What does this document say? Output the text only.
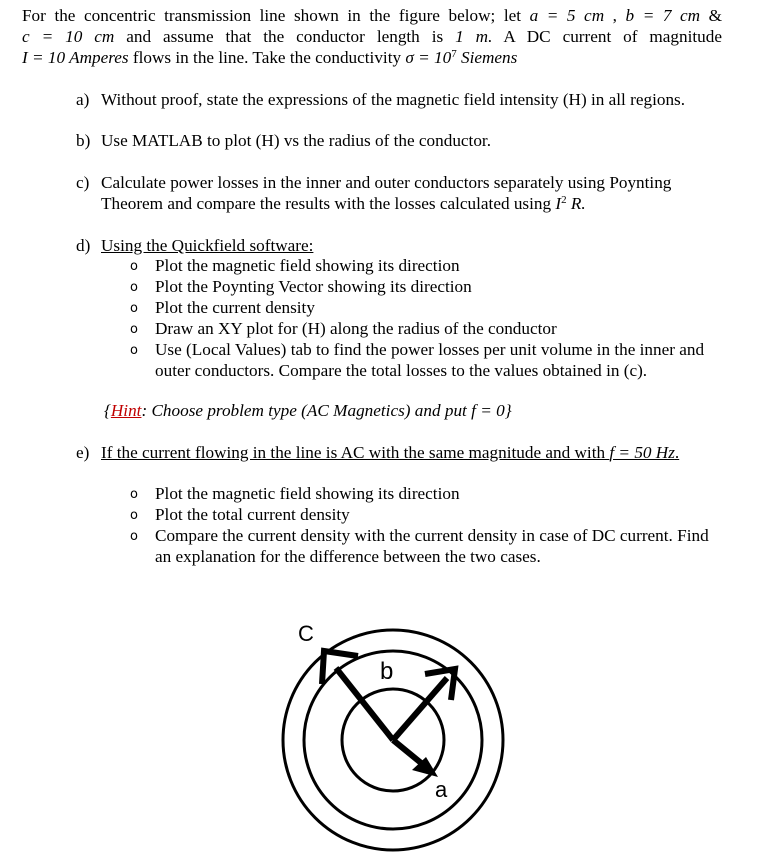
For the concentric transmission line shown in the figure below; let a = 5 cm , b = 7 cm &
c = 10 cm and assume that the conductor length is 1 m. A DC current of magnitude
I = 10 Amperes flows in the line. Take the conductivity $\sigma = 10^7$ Siemens
a) Without proof, state the expressions of the magnetic field intensity (H) in all regions.
b) Use MATLAB to plot (H) vs the radius of the conductor.
c) Calculate power losses in the inner and outer conductors separately using Poynting
Theorem and compare the results with the losses calculated using $I^2$ R.
d) Using the Quickfield software:
o Plot the magnetic field showing its direction
o Plot the Poynting Vector showing its direction
o Plot the current density
o Draw an XY plot for (H) along the radius of the conductor
o Use (Local Values) tab to find the power losses per unit volume in the inner and
outer conductors. Compare the total losses to the values obtained in (c).
{Hint: Choose problem type (AC Magnetics) and put f = 0}
e) If the current flowing in the line is AC with the same magnitude and with f = 50 Hz.
o Plot the magnetic field showing its direction
o Plot the total current density
o Compare the current density with the current density in case of DC current. Find
an explanation for the difference between the two cases.
C
b
a
